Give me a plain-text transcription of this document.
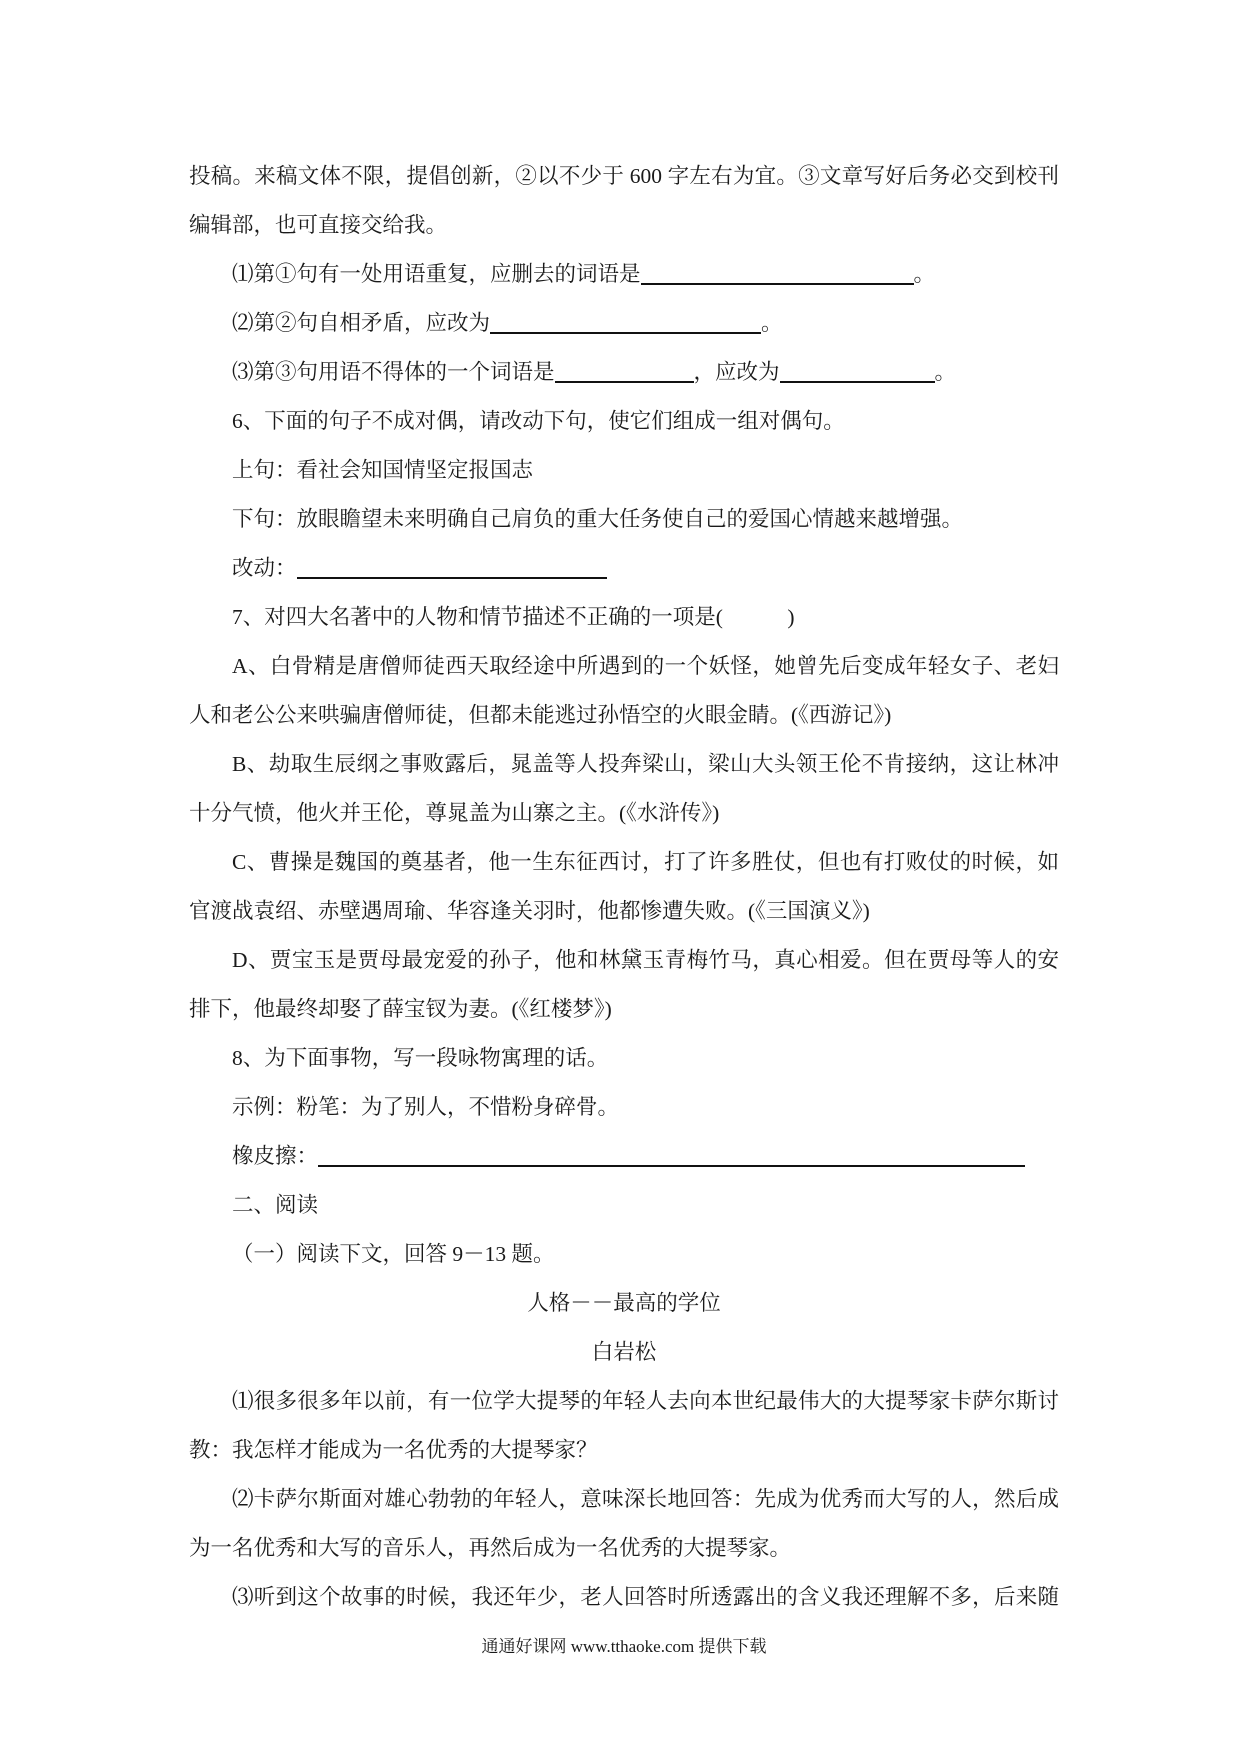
投稿。来稿文体不限，提倡创新，②以不少于 600 字左右为宜。③文章写好后务必交到校刊
编辑部，也可直接交给我。
⑴第①句有一处用语重复，应删去的词语是	。
⑵第②句自相矛盾，应改为	。
⑶第③句用语不得体的一个词语是	，应改为	。
6、下面的句子不成对偶，请改动下句，使它们组成一组对偶句。
上句：看社会知国情坚定报国志
下句：放眼瞻望未来明确自己肩负的重大任务使自己的爱国心情越来越增强。
改动：
7、对四大名著中的人物和情节描述不正确的一项是(　　　)
A、白骨精是唐僧师徒西天取经途中所遇到的一个妖怪，她曾先后变成年轻女子、老妇
人和老公公来哄骗唐僧师徒，但都未能逃过孙悟空的火眼金睛。(《西游记》)
B、劫取生辰纲之事败露后，晁盖等人投奔梁山，梁山大头领王伦不肯接纳，这让林冲
十分气愤，他火并王伦，尊晁盖为山寨之主。(《水浒传》)
C、曹操是魏国的奠基者，他一生东征西讨，打了许多胜仗，但也有打败仗的时候，如
官渡战袁绍、赤壁遇周瑜、华容逢关羽时，他都惨遭失败。(《三国演义》)
D、贾宝玉是贾母最宠爱的孙子，他和林黛玉青梅竹马，真心相爱。但在贾母等人的安
排下，他最终却娶了薛宝钗为妻。(《红楼梦》)
8、为下面事物，写一段咏物寓理的话。
示例：粉笔：为了别人，不惜粉身碎骨。
橡皮擦：
二、阅读
（一）阅读下文，回答 9－13 题。
人格－－最高的学位
白岩松
⑴很多很多年以前，有一位学大提琴的年轻人去向本世纪最伟大的大提琴家卡萨尔斯讨
教：我怎样才能成为一名优秀的大提琴家？
⑵卡萨尔斯面对雄心勃勃的年轻人，意味深长地回答：先成为优秀而大写的人，然后成
为一名优秀和大写的音乐人，再然后成为一名优秀的大提琴家。
⑶听到这个故事的时候，我还年少，老人回答时所透露出的含义我还理解不多，后来随
通通好课网 www.tthaoke.com 提供下载
